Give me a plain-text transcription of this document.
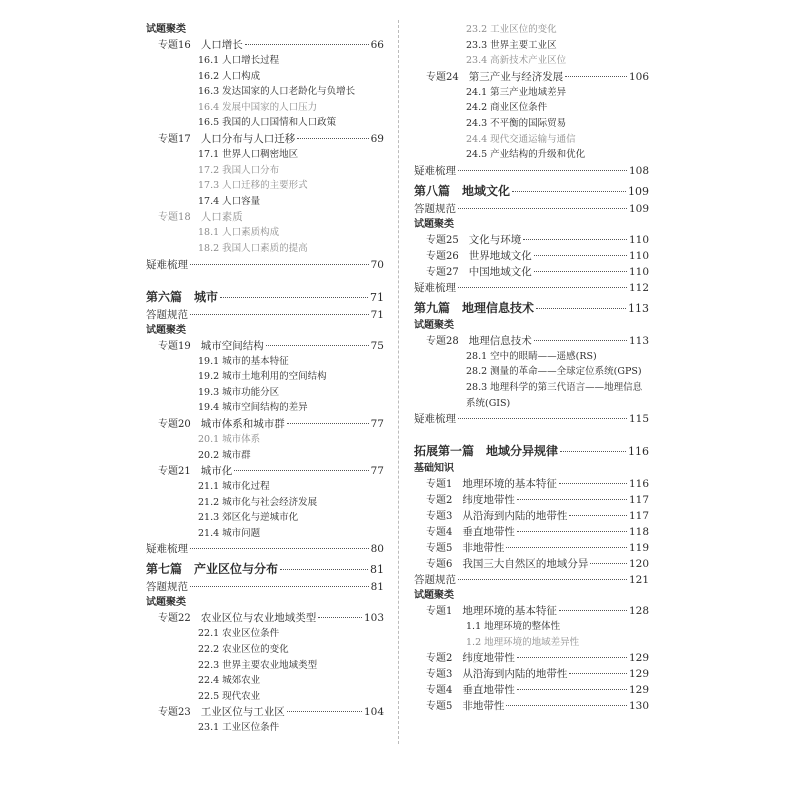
试题聚类
专题16 人口增长	66
16.1 人口增长过程
16.2 人口构成
16.3 发达国家的人口老龄化与负增长
16.4 发展中国家的人口压力
16.5 我国的人口国情和人口政策
专题17 人口分布与人口迁移	69
17.1 世界人口稠密地区
17.2 我国人口分布
17.3 人口迁移的主要形式
17.4 人口容量
专题18 人口素质
18.1 人口素质构成
18.2 我国人口素质的提高
疑难梳理	70
第六篇 城市	71
答题规范	71
试题聚类
专题19 城市空间结构	75
19.1 城市的基本特征
19.2 城市土地利用的空间结构
19.3 城市功能分区
19.4 城市空间结构的差异
专题20 城市体系和城市群	77
20.1 城市体系
20.2 城市群
专题21 城市化	77
21.1 城市化过程
21.2 城市化与社会经济发展
21.3 郊区化与逆城市化
21.4 城市问题
疑难梳理	80
第七篇 产业区位与分布	81
答题规范	81
试题聚类
专题22 农业区位与农业地域类型	103
22.1 农业区位条件
22.2 农业区位的变化
22.3 世界主要农业地域类型
22.4 城郊农业
22.5 现代农业
专题23 工业区位与工业区	104
23.1 工业区位条件
23.2 工业区位的变化
23.3 世界主要工业区
23.4 高新技术产业区位
专题24 第三产业与经济发展	106
24.1 第三产业地域差异
24.2 商业区位条件
24.3 不平衡的国际贸易
24.4 现代交通运输与通信
24.5 产业结构的升级和优化
疑难梳理	108
第八篇 地域文化	109
答题规范	109
试题聚类
专题25 文化与环境	110
专题26 世界地域文化	110
专题27 中国地域文化	110
疑难梳理	112
第九篇 地理信息技术	113
试题聚类
专题28 地理信息技术	113
28.1 空中的眼睛——遥感(RS)
28.2 测量的革命——全球定位系统(GPS)
28.3 地理科学的第三代语言——地理信息
系统(GIS)
疑难梳理	115
拓展第一篇 地域分异规律	116
基础知识
专题1 地理环境的基本特征	116
专题2 纬度地带性	117
专题3 从沿海到内陆的地带性	117
专题4 垂直地带性	118
专题5 非地带性	119
专题6 我国三大自然区的地域分异	120
答题规范	121
试题聚类
专题1 地理环境的基本特征	128
1.1 地理环境的整体性
1.2 地理环境的地域差异性
专题2 纬度地带性	129
专题3 从沿海到内陆的地带性	129
专题4 垂直地带性	129
专题5 非地带性	130
